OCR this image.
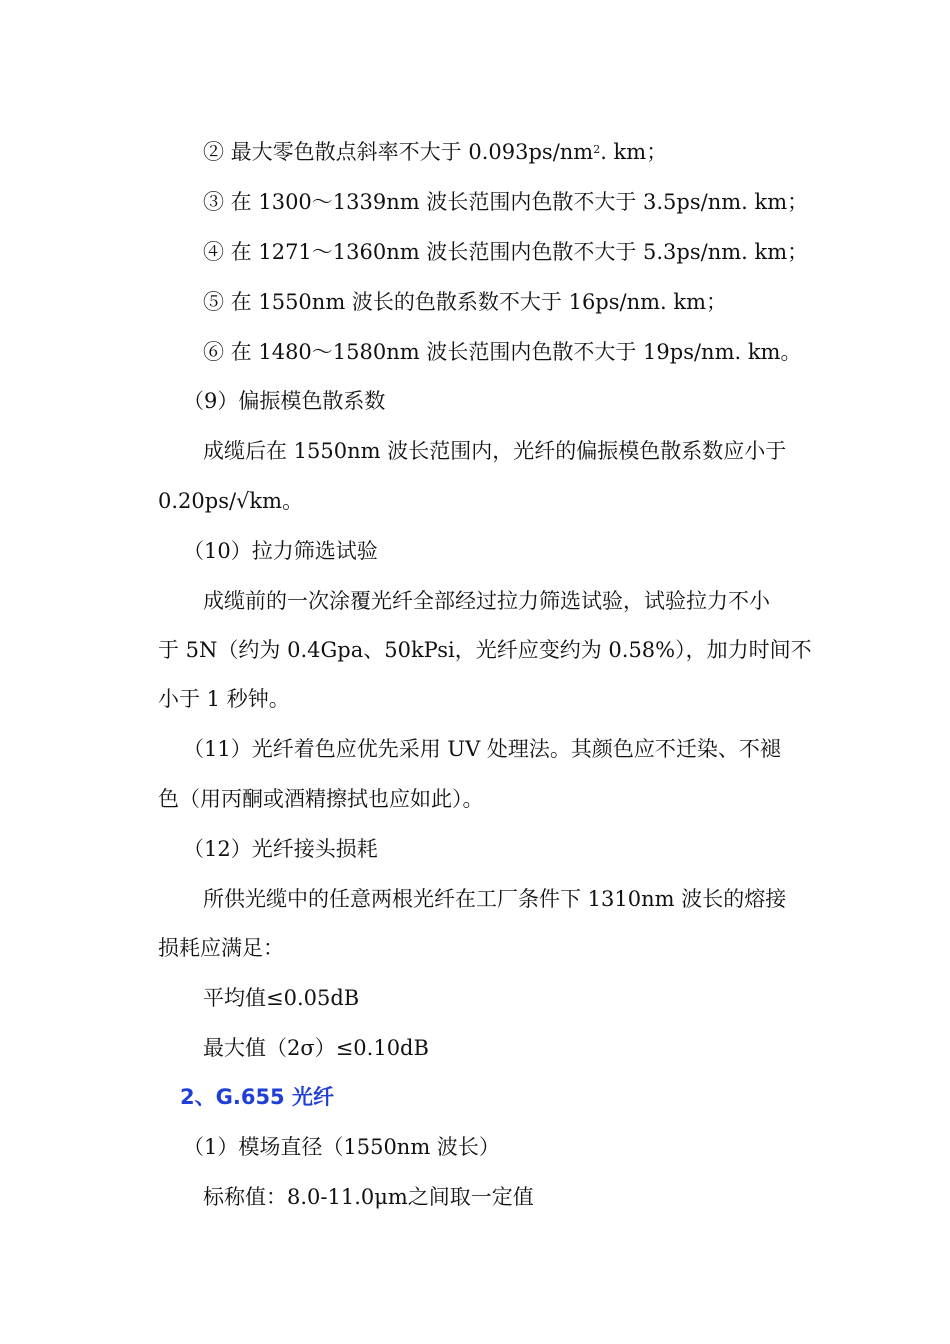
② 最大零色散点斜率不大于 $0.093ps/nm^2$. km；
③ 在 1300～1339nm 波长范围内色散不大于 3.5ps/nm. km；
④ 在 1271～1360nm 波长范围内色散不大于 5.3ps/nm. km；
⑤ 在 1550nm 波长的色散系数不大于 16ps/nm. km；
⑥ 在 1480～1580nm 波长范围内色散不大于 19ps/nm. km。
（9）偏振模色散系数
成缆后在 1550nm 波长范围内，光纤的偏振模色散系数应小于
0.20ps/√km。
（10）拉力筛选试验
成缆前的一次涂覆光纤全部经过拉力筛选试验，试验拉力不小
于 5N（约为 0.4Gpa、50kPsi，光纤应变约为 0.58%），加力时间不
小于 1 秒钟。
（11）光纤着色应优先采用 UV 处理法。其颜色应不迁染、不褪
色（用丙酮或酒精擦拭也应如此）。
（12）光纤接头损耗
所供光缆中的任意两根光纤在工厂条件下 1310nm 波长的熔接
损耗应满足：
平均值≤0.05dB
最大值（2σ）≤0.10dB
2、G.655 光纤
（1）模场直径（1550nm 波长）
标称值：8.0-11.0μm之间取一定值
